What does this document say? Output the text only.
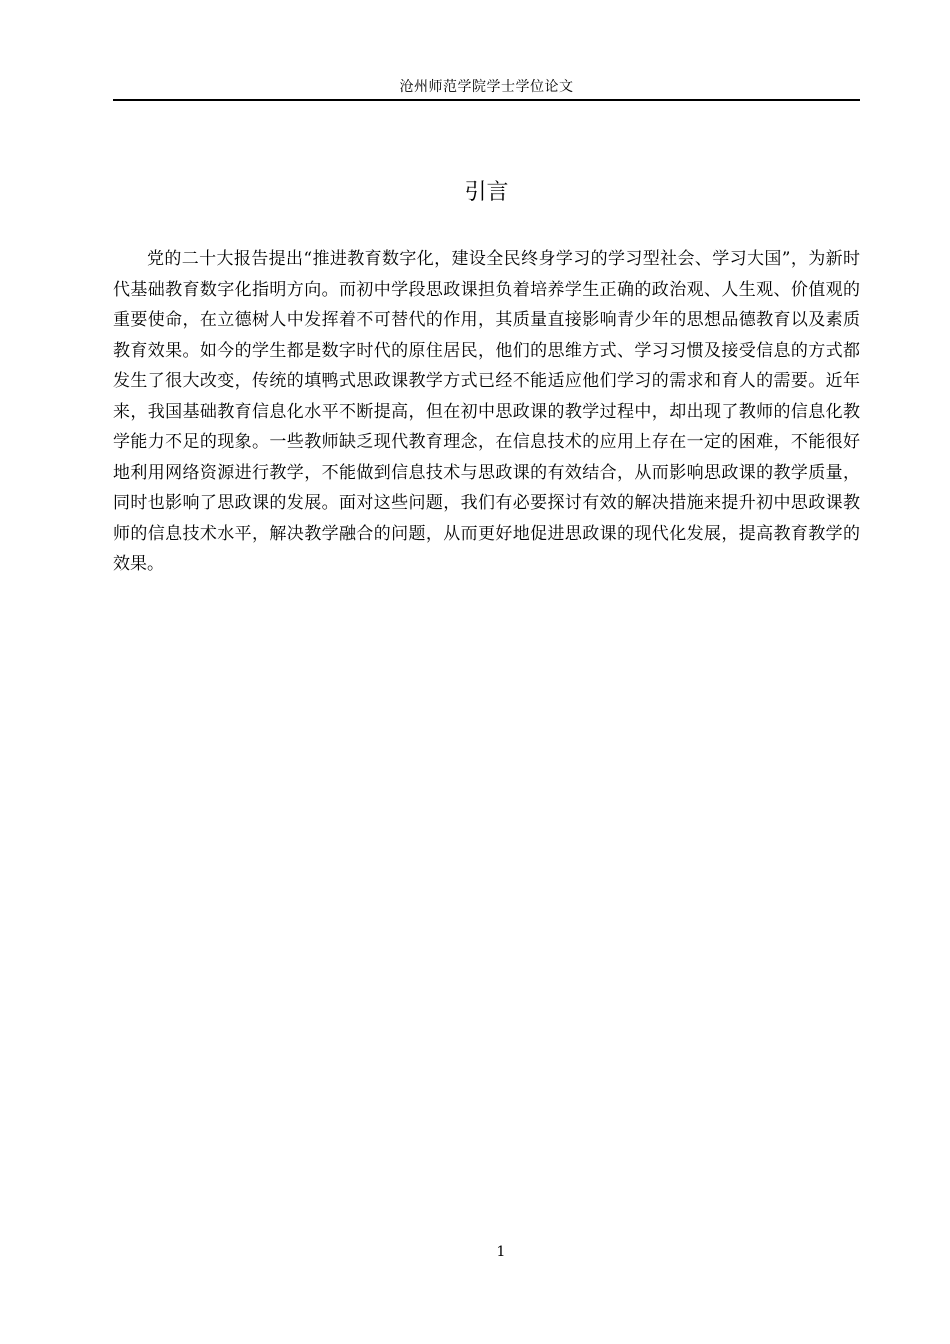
沧州师范学院学士学位论文
引言

党的二十大报告提出“推进教育数字化，建设全民终身学习的学习型社会、学习大国”，为新时代基础教育数字化指明方向。而初中学段思政课担负着培养学生正确的政治观、人生观、价值观的重要使命，在立德树人中发挥着不可替代的作用，其质量直接影响青少年的思想品德教育以及素质教育效果。如今的学生都是数字时代的原住居民，他们的思维方式、学习习惯及接受信息的方式都发生了很大改变，传统的填鸭式思政课教学方式已经不能适应他们学习的需求和育人的需要。近年来，我国基础教育信息化水平不断提高，但在初中思政课的教学过程中，却出现了教师的信息化教学能力不足的现象。一些教师缺乏现代教育理念，在信息技术的应用上存在一定的困难，不能很好地利用网络资源进行教学，不能做到信息技术与思政课的有效结合，从而影响思政课的教学质量，同时也影响了思政课的发展。面对这些问题，我们有必要探讨有效的解决措施来提升初中思政课教师的信息技术水平，解决教学融合的问题，从而更好地促进思政课的现代化发展，提高教育教学的效果。

1
